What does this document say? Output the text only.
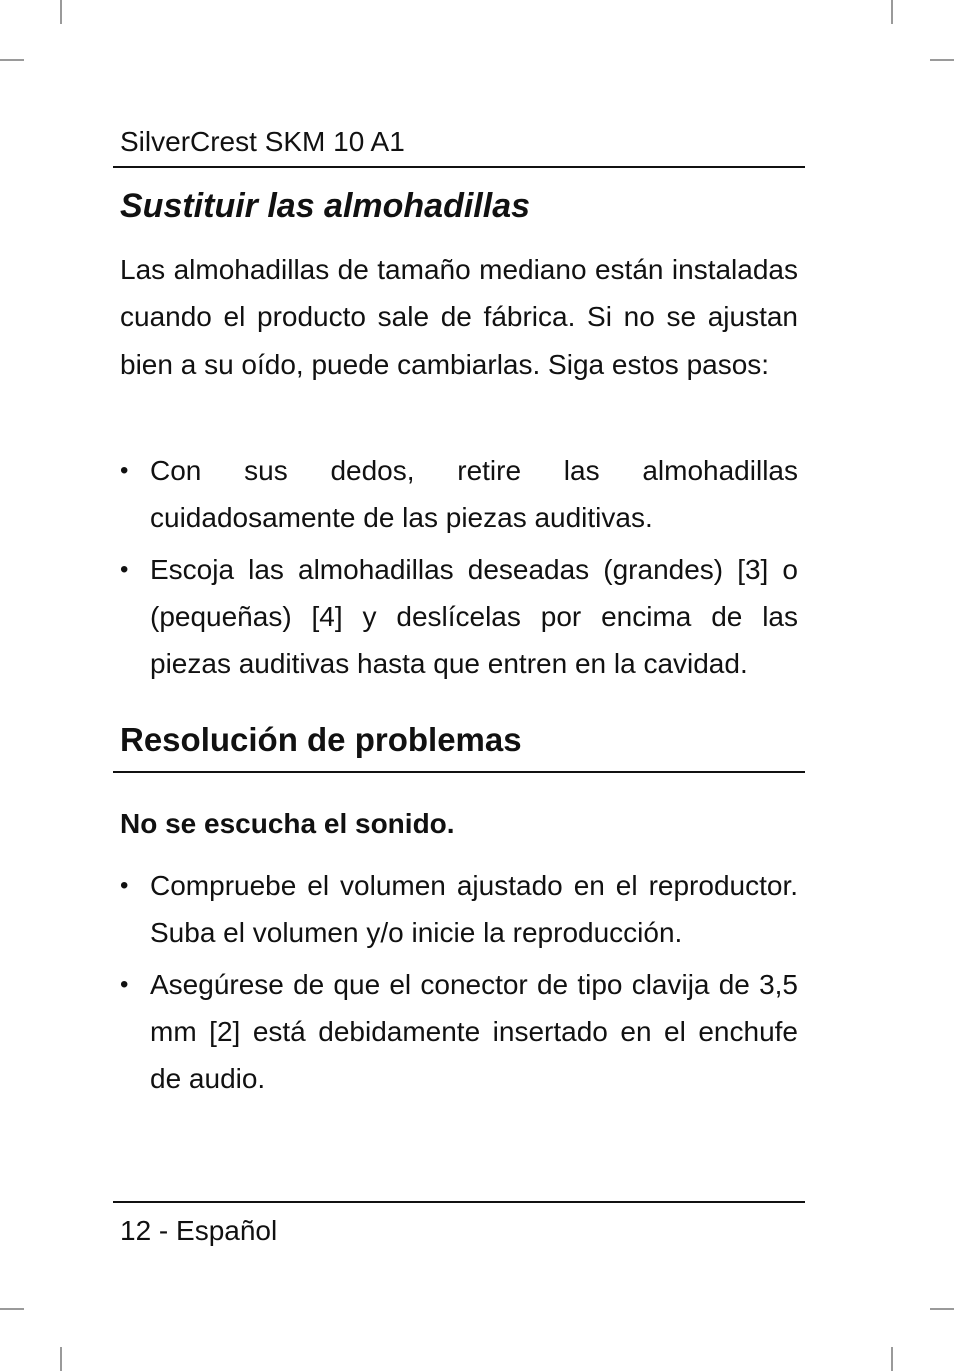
SilverCrest SKM 10 A1
Sustituir las almohadillas

Las almohadillas de tamaño mediano están instaladas cuando el producto sale de fábrica. Si no se ajustan bien a su oído, puede cambiarlas. Siga estos pasos:

• Con sus dedos, retire las almohadillas cuidadosamente de las piezas auditivas.
• Escoja las almohadillas deseadas (grandes) [3] o (pequeñas) [4] y deslícelas por encima de las piezas auditivas hasta que entren en la cavidad.
Resolución de problemas
No se escucha el sonido.
• Compruebe el volumen ajustado en el reproductor. Suba el volumen y/o inicie la reproducción.
• Asegúrese de que el conector de tipo clavija de 3,5 mm [2] está debidamente insertado en el enchufe de audio.
12 - Español
